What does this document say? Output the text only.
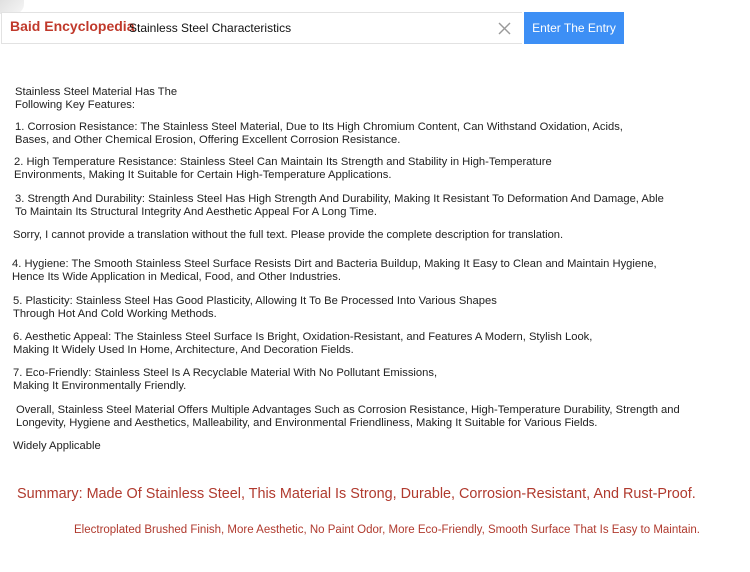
Baid Encyclopedia
Stainless Steel Characteristics	Enter The Entry
Stainless Steel Material Has The
Following Key Features:
1. Corrosion Resistance: The Stainless Steel Material, Due to Its High Chromium Content, Can Withstand Oxidation, Acids,
Bases, and Other Chemical Erosion, Offering Excellent Corrosion Resistance.
2. High Temperature Resistance: Stainless Steel Can Maintain Its Strength and Stability in High-Temperature
Environments, Making It Suitable for Certain High-Temperature Applications.
3. Strength And Durability: Stainless Steel Has High Strength And Durability, Making It Resistant To Deformation And Damage, Able
To Maintain Its Structural Integrity And Aesthetic Appeal For A Long Time.
Sorry, I cannot provide a translation without the full text. Please provide the complete description for translation.
4. Hygiene: The Smooth Stainless Steel Surface Resists Dirt and Bacteria Buildup, Making It Easy to Clean and Maintain Hygiene,
Hence Its Wide Application in Medical, Food, and Other Industries.
5. Plasticity: Stainless Steel Has Good Plasticity, Allowing It To Be Processed Into Various Shapes
Through Hot And Cold Working Methods.
6. Aesthetic Appeal: The Stainless Steel Surface Is Bright, Oxidation-Resistant, and Features A Modern, Stylish Look,
Making It Widely Used In Home, Architecture, And Decoration Fields.
7. Eco-Friendly: Stainless Steel Is A Recyclable Material With No Pollutant Emissions,
Making It Environmentally Friendly.
Overall, Stainless Steel Material Offers Multiple Advantages Such as Corrosion Resistance, High-Temperature Durability, Strength and
Longevity, Hygiene and Aesthetics, Malleability, and Environmental Friendliness, Making It Suitable for Various Fields.
Widely Applicable
Summary: Made Of Stainless Steel, This Material Is Strong, Durable, Corrosion-Resistant, And Rust-Proof.
Electroplated Brushed Finish, More Aesthetic, No Paint Odor, More Eco-Friendly, Smooth Surface That Is Easy to Maintain.
